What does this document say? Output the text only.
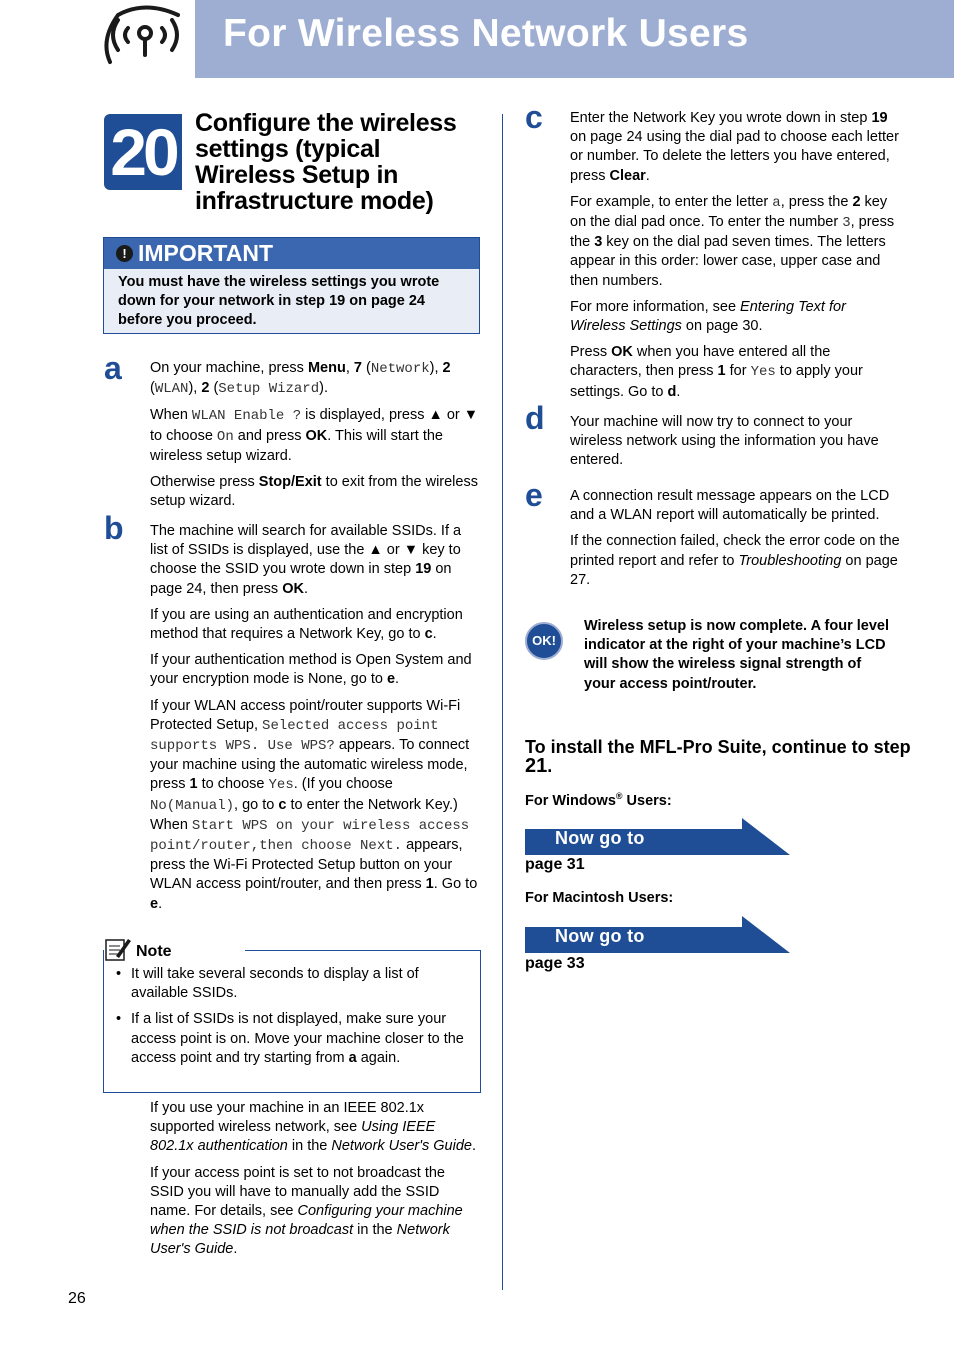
For Wireless Network Users
20 Configure the wireless settings (typical Wireless Setup in infrastructure mode)
! IMPORTANT
You must have the wireless settings you wrote down for your network in step 19 on page 24 before you proceed.
a On your machine, press Menu, 7 (Network), 2 (WLAN), 2 (Setup Wizard).

When WLAN Enable ? is displayed, press ▲ or ▼ to choose On and press OK. This will start the wireless setup wizard.

Otherwise press Stop/Exit to exit from the wireless setup wizard.

b The machine will search for available SSIDs. If a list of SSIDs is displayed, use the ▲ or ▼ key to choose the SSID you wrote down in step 19 on page 24, then press OK.

If you are using an authentication and encryption method that requires a Network Key, go to c.

If your authentication method is Open System and your encryption mode is None, go to e.

If your WLAN access point/router supports Wi-Fi Protected Setup, Selected access point supports WPS. Use WPS? appears. To connect your machine using the automatic wireless mode, press 1 to choose Yes. (If you choose No(Manual), go to c to enter the Network Key.) When Start WPS on your wireless access point/router,then choose Next. appears, press the Wi-Fi Protected Setup button on your WLAN access point/router, and then press 1. Go to e.

Note
• It will take several seconds to display a list of available SSIDs.
• If a list of SSIDs is not displayed, make sure your access point is on. Move your machine closer to the access point and try starting from a again.

If you use your machine in an IEEE 802.1x supported wireless network, see Using IEEE 802.1x authentication in the Network User's Guide.

If your access point is set to not broadcast the SSID you will have to manually add the SSID name. For details, see Configuring your machine when the SSID is not broadcast in the Network User's Guide.

c Enter the Network Key you wrote down in step 19 on page 24 using the dial pad to choose each letter or number. To delete the letters you have entered, press Clear.

For example, to enter the letter a, press the 2 key on the dial pad once. To enter the number 3, press the 3 key on the dial pad seven times. The letters appear in this order: lower case, upper case and then numbers.

For more information, see Entering Text for Wireless Settings on page 30.

Press OK when you have entered all the characters, then press 1 for Yes to apply your settings. Go to d.

d Your machine will now try to connect to your wireless network using the information you have entered.

e A connection result message appears on the LCD and a WLAN report will automatically be printed.

If the connection failed, check the error code on the printed report and refer to Troubleshooting on page 27.

OK!
Wireless setup is now complete. A four level indicator at the right of your machine’s LCD will show the wireless signal strength of your access point/router.
To install the MFL-Pro Suite, continue to step 21.
For Windows® Users:
Now go to
page 31
For Macintosh Users:
Now go to
page 33
26
